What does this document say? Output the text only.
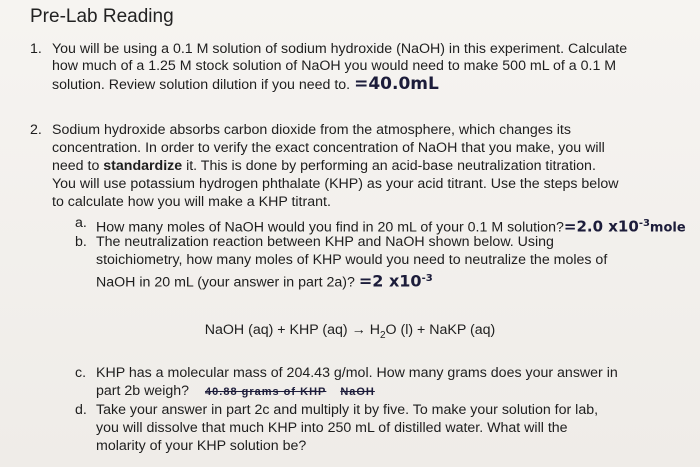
Pre-Lab Reading
1. You will be using a 0.1 M solution of sodium hydroxide (NaOH) in this experiment. Calculate
how much of a 1.25 M stock solution of NaOH you would need to make 500 mL of a 0.1 M
solution. Review solution dilution if you need to. =40.0mL
2. Sodium hydroxide absorbs carbon dioxide from the atmosphere, which changes its
concentration. In order to verify the exact concentration of NaOH that you make, you will
need to standardize it. This is done by performing an acid-base neutralization titration.
You will use potassium hydrogen phthalate (KHP) as your acid titrant. Use the steps below
to calculate how you will make a KHP titrant.
a. How many moles of NaOH would you find in 20 mL of your 0.1 M solution?=2.0 $x10^{-3}mole$
b. The neutralization reaction between KHP and NaOH shown below. Using
stoichiometry, how many moles of KHP would you need to neutralize the moles of
NaOH in 20 mL (your answer in part 2a)? =2 $x10^{-3}$
NaOH (aq) + KHP $(aq) \to H_2O$ (l) + NaKP (aq)
c. KHP has a molecular mass of 204.43 g/mol. How many grams does your answer in
part 2b weigh? 40.88 grams of KHP NaOH
d. Take your answer in part 2c and multiply it by five. To make your solution for lab,
you will dissolve that much KHP into 250 mL of distilled water. What will the
molarity of your KHP solution be?
